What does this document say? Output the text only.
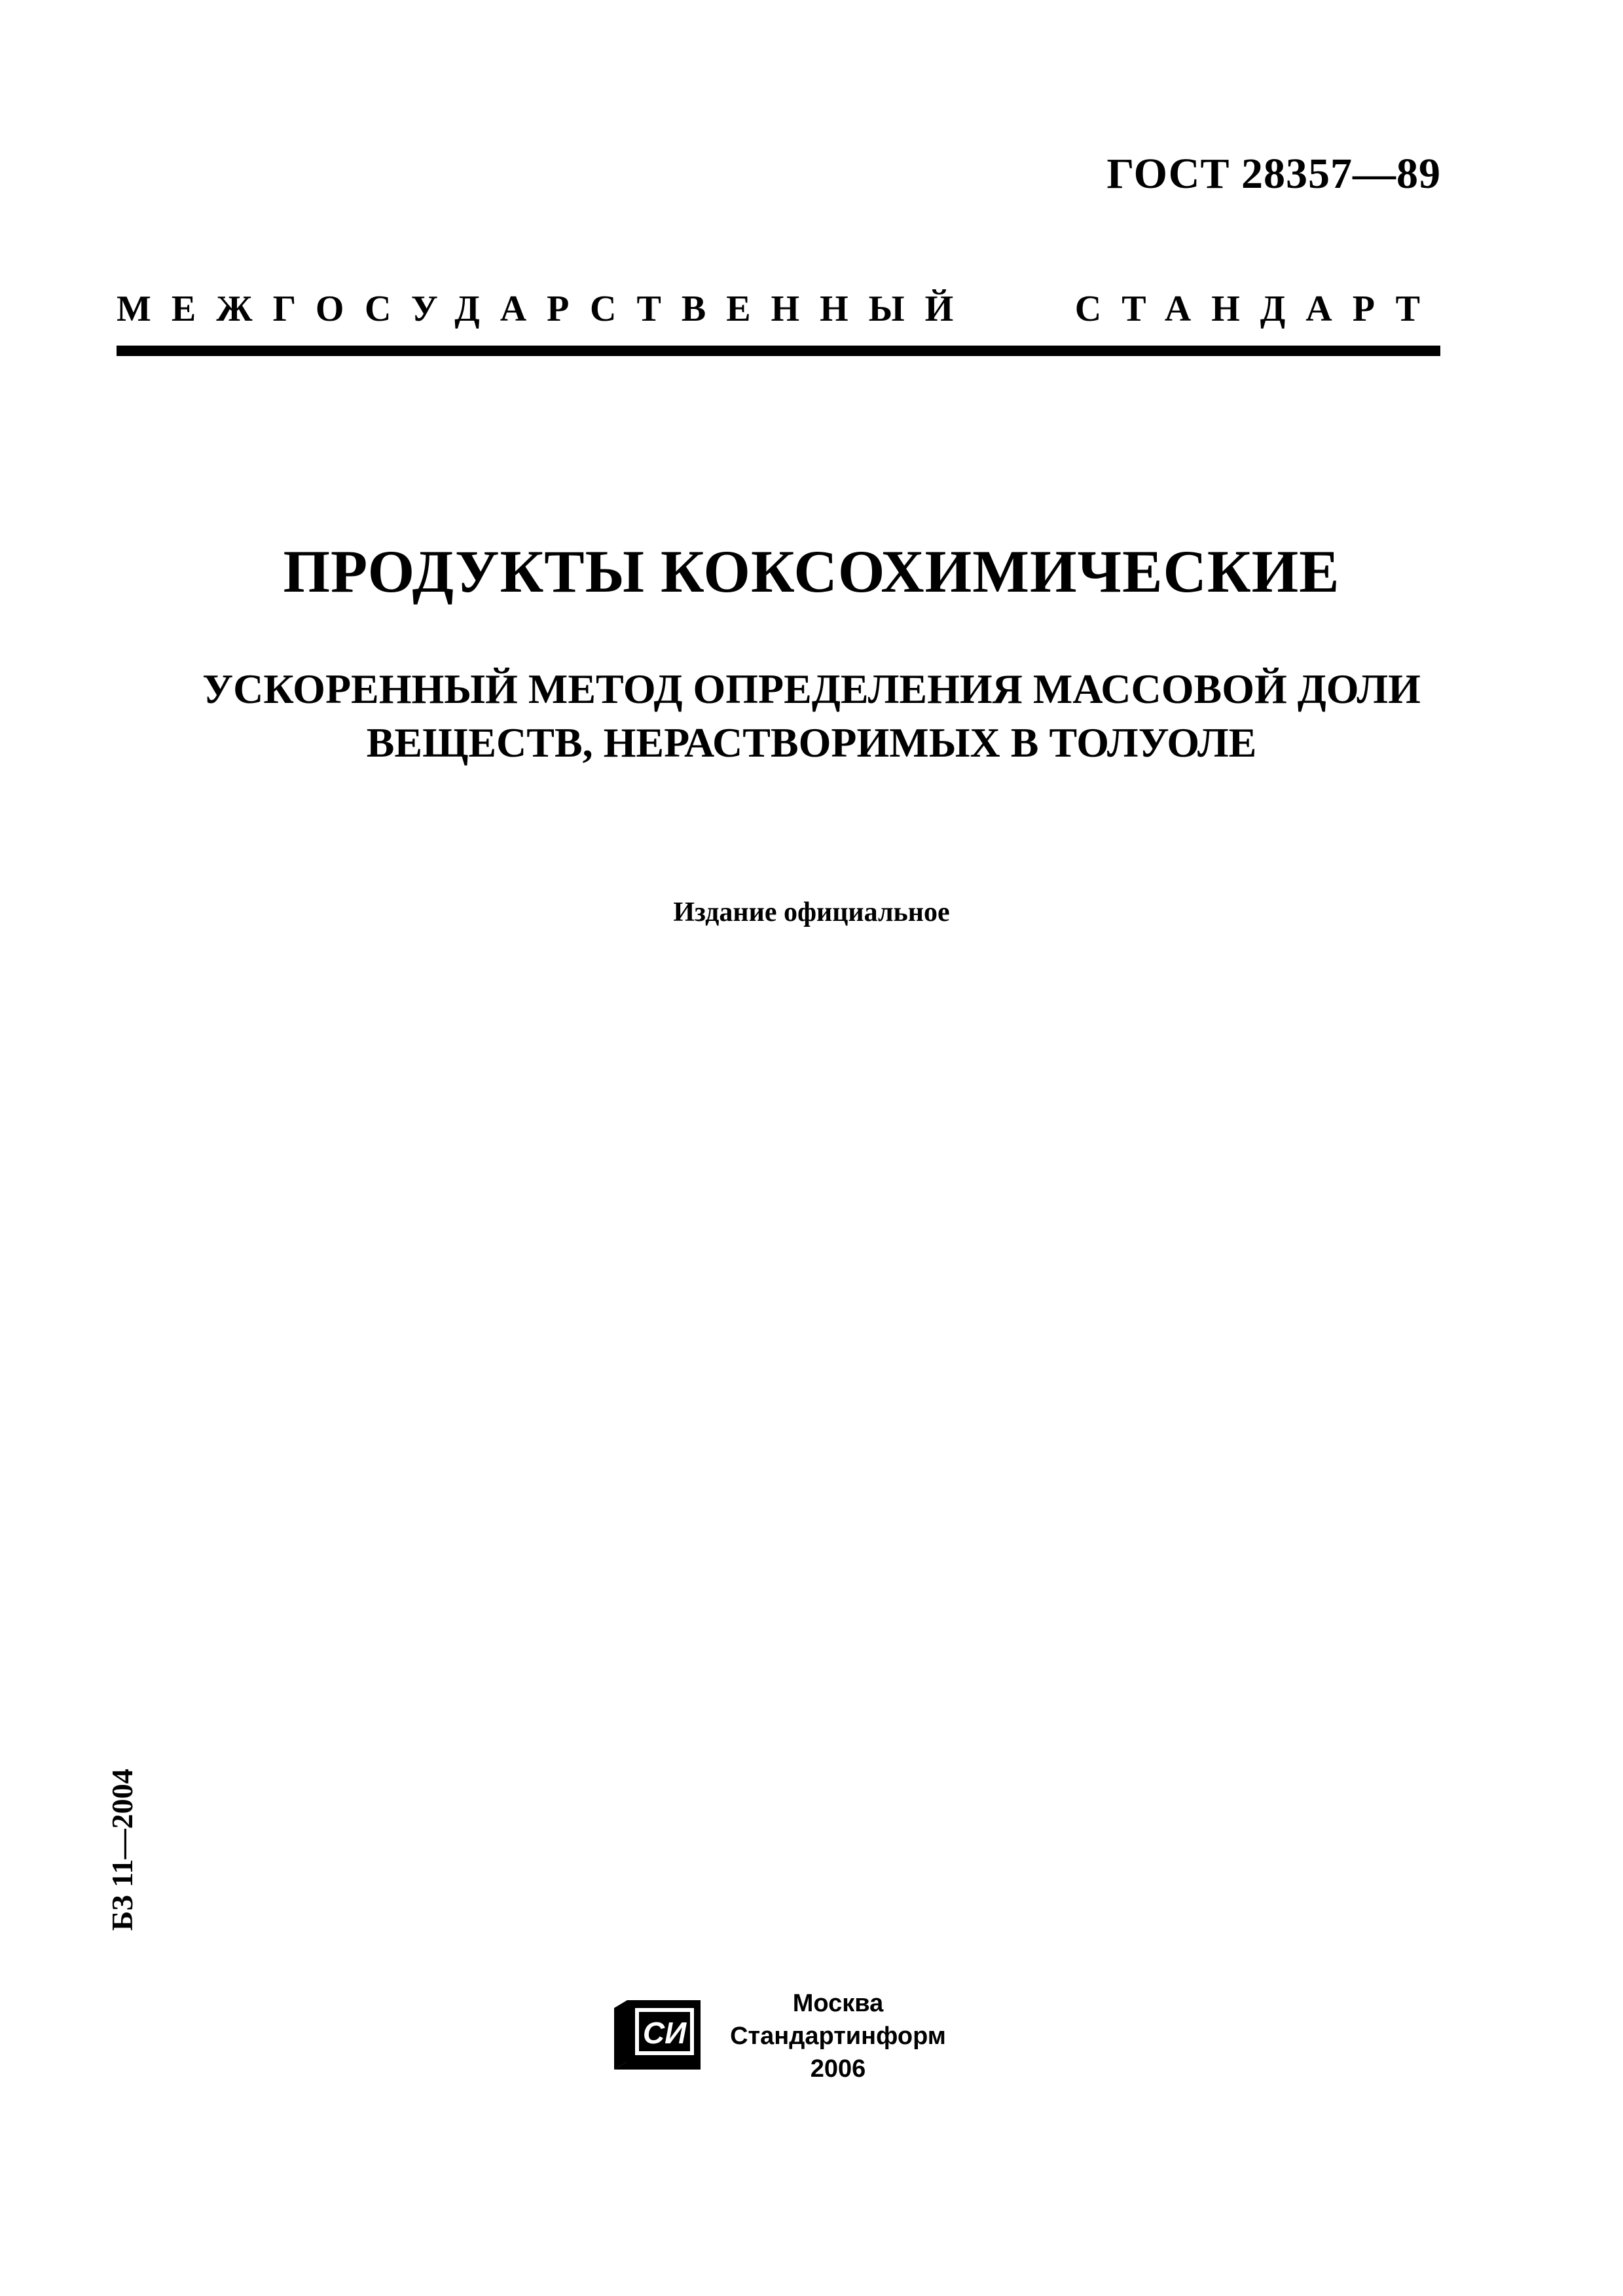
ГОСТ 28357—89
МЕЖГОСУДАРСТВЕННЫЙ СТАНДАРТ
ПРОДУКТЫ КОКСОХИМИЧЕСКИЕ
УСКОРЕННЫЙ МЕТОД ОПРЕДЕЛЕНИЯ МАССОВОЙ ДОЛИ
ВЕЩЕСТВ, НЕРАСТВОРИМЫХ В ТОЛУОЛЕ
Издание официальное
БЗ 11—2004
СИ
Москва
Стандартинформ
2006
